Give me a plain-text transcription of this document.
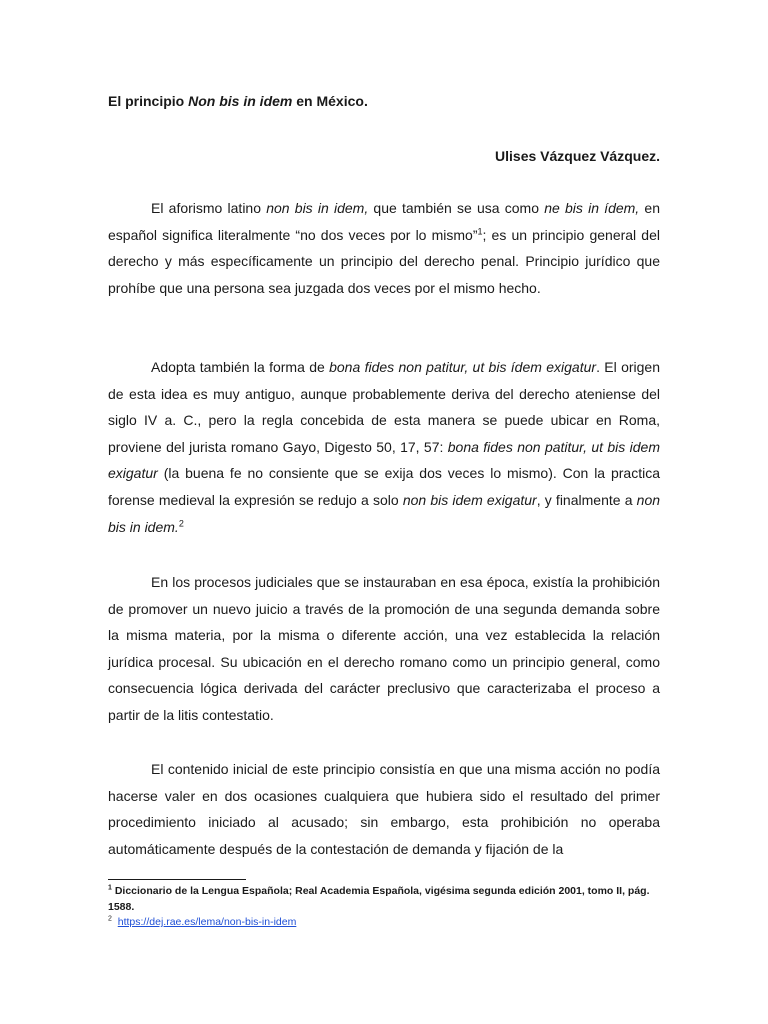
El principio Non bis in idem en México.
Ulises Vázquez Vázquez.

El aforismo latino non bis in idem, que también se usa como ne bis in ídem, en español significa literalmente “no dos veces por lo mismo”$^1$; es un principio general del derecho y más específicamente un principio del derecho penal. Principio jurídico que prohíbe que una persona sea juzgada dos veces por el mismo hecho.

Adopta también la forma de bona fides non patitur, ut bis ídem exigatur. El origen de esta idea es muy antiguo, aunque probablemente deriva del derecho ateniense del siglo IV a. C., pero la regla concebida de esta manera se puede ubicar en Roma, proviene del jurista romano Gayo, Digesto 50, 17, 57: bona fides non patitur, ut bis idem exigatur (la buena fe no consiente que se exija dos veces lo mismo). Con la practica forense medieval la expresión se redujo a solo non bis idem exigatur, y finalmente a non bis in idem.$^2$

En los procesos judiciales que se instauraban en esa época, existía la prohibición de promover un nuevo juicio a través de la promoción de una segunda demanda sobre la misma materia, por la misma o diferente acción, una vez establecida la relación jurídica procesal. Su ubicación en el derecho romano como un principio general, como consecuencia lógica derivada del carácter preclusivo que caracterizaba el proceso a partir de la litis contestatio.

El contenido inicial de este principio consistía en que una misma acción no podía hacerse valer en dos ocasiones cualquiera que hubiera sido el resultado del primer procedimiento iniciado al acusado; sin embargo, esta prohibición no operaba automáticamente después de la contestación de demanda y fijación de la

$^1$ Diccionario de la Lengua Española; Real Academia Española, vigésima segunda edición 2001, tomo II, pág. 1588.
$^2$ https://dej.rae.es/lema/non-bis-in-idem
